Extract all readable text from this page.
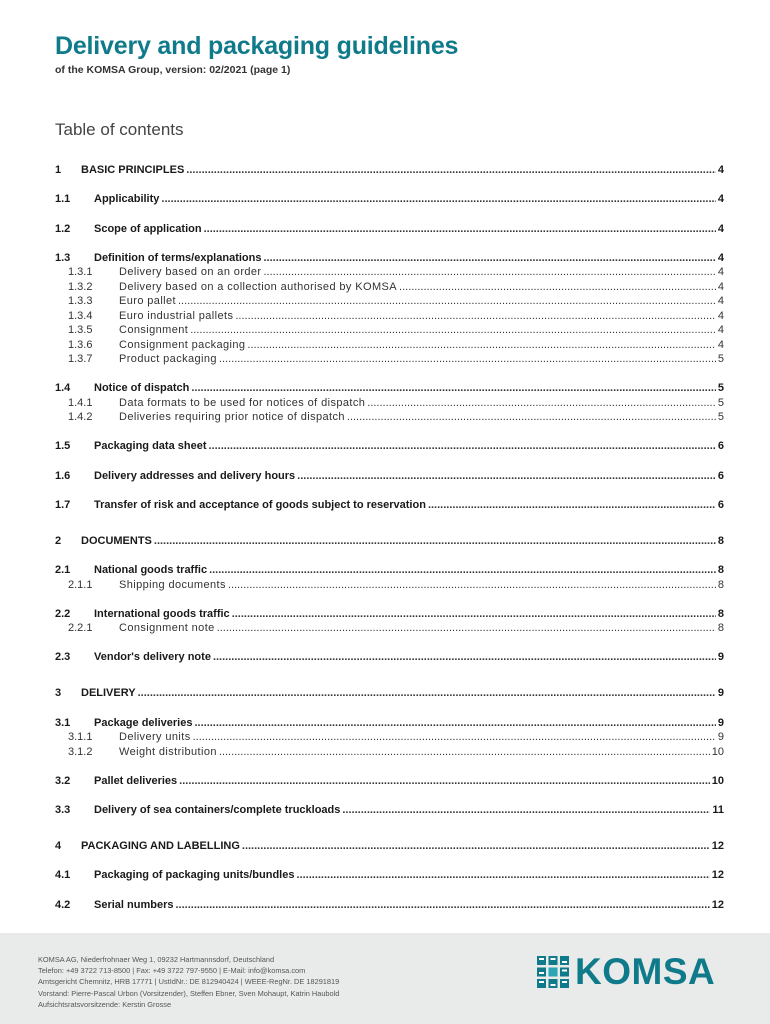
Delivery and packaging guidelines
of the KOMSA Group, version: 02/2021 (page 1)
Table of contents
1	BASIC PRINCIPLES .....	4
1.1	Applicability .....	4
1.2	Scope of application .....	4
1.3	Definition of terms/explanations .....	4
1.3.1	Delivery based on an order .....	4
1.3.2	Delivery based on a collection authorised by KOMSA .....	4
1.3.3	Euro pallet .....	4
1.3.4	Euro industrial pallets .....	4
1.3.5	Consignment .....	4
1.3.6	Consignment packaging .....	4
1.3.7	Product packaging .....	5
1.4	Notice of dispatch .....	5
1.4.1	Data formats to be used for notices of dispatch .....	5
1.4.2	Deliveries requiring prior notice of dispatch .....	5
1.5	Packaging data sheet .....	6
1.6	Delivery addresses and delivery hours .....	6
1.7	Transfer of risk and acceptance of goods subject to reservation .....	6
2	DOCUMENTS .....	8
2.1	National goods traffic .....	8
2.1.1	Shipping documents .....	8
2.2	International goods traffic .....	8
2.2.1	Consignment note .....	8
2.3	Vendor's delivery note .....	9
3	DELIVERY .....	9
3.1	Package deliveries .....	9
3.1.1	Delivery units .....	9
3.1.2	Weight distribution .....	10
3.2	Pallet deliveries .....	10
3.3	Delivery of sea containers/complete truckloads .....	11
4	PACKAGING AND LABELLING .....	12
4.1	Packaging of packaging units/bundles .....	12
4.2	Serial numbers .....	12
KOMSA AG, Niederfrohnaer Weg 1, 09232 Hartmannsdorf, Deutschland
Telefon: +49 3722 713-8500 | Fax: +49 3722 797-9550 | E-Mail: info@komsa.com
Amtsgericht Chemnitz, HRB 17771 | UstIdNr.: DE 812940424 | WEEE-RegNr. DE 18291819
Vorstand: Pierre-Pascal Urbon (Vorsitzender), Steffen Ebner, Sven Mohaupt, Katrin Haubold
Aufsichtsratsvorsitzende: Kerstin Grosse
KOMSA
